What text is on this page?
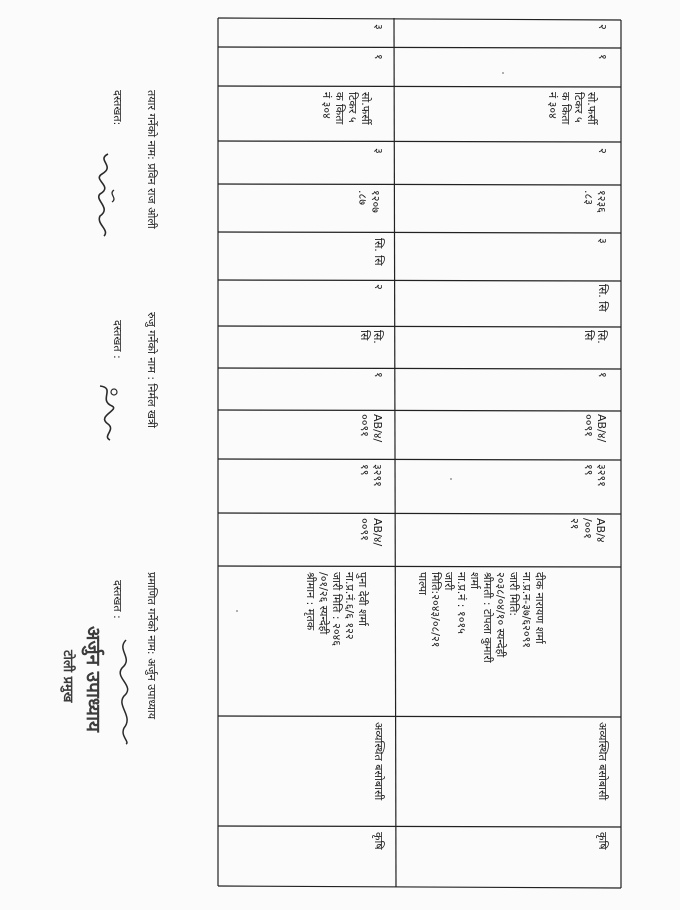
२
१
सो.फर्सी
टिकर ५
क किता
नं ३०४
२
१२३६
.८३
३
सि. सि
सि.
सि
१
AB/४/
००९१
३२९१
१९
AB/४
/००१
२१
दीक नारायण शर्मा
ना.प्र.न-३७/६२०९१
जारी मिति:
२०३८/०४/१० स्यन्देही
श्रीमती : टोपला कुमारी
शर्मा
ना.प्र.नं : १०१५
जारी
मिति:२०४३/०८/२१
पाल्पा
अव्यस्थित बसोबासी
कृषि
३
१
सो.फर्सी
टिकर ५
क किता
नं ३०४
३
१२०७
.८७
सि. सि
२
सि.
सि
१
AB/४/
००९१
३२९१
१९
AB/४/
००९१
पुना देवी शर्मा
ना.प्र.नं.६/६ १२२
जारी मिति : २०४६
/०१/२६ स्यन्देही
श्रीमान : मृतक
अव्यस्थित बसोबासी
कृषि
तयार गर्नेको नाम: प्रविन राज ओली
दस्तखत:
रुजु गर्नेको नाम : निर्मल खत्री
दस्तखत :
प्रमाणित गर्नेको नाम: अर्जुन उपाध्याय
दस्तखत :
अर्जुन उपाध्याय
टोली प्रमुख
